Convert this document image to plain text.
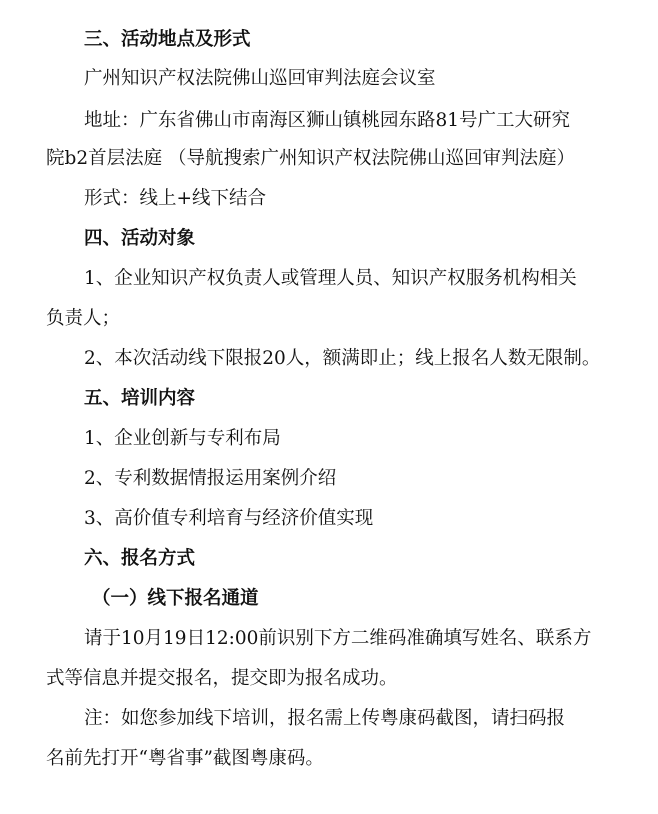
三、活动地点及形式
广州知识产权法院佛山巡回审判法庭会议室
地址：广东省佛山市南海区狮山镇桃园东路81号广工大研究
院b2首层法庭 （导航搜索广州知识产权法院佛山巡回审判法庭）
形式：线上+线下结合
四、活动对象
1、企业知识产权负责人或管理人员、知识产权服务机构相关
负责人；
2、本次活动线下限报20人，额满即止；线上报名人数无限制。
五、培训内容
1、企业创新与专利布局
2、专利数据情报运用案例介绍
3、高价值专利培育与经济价值实现
六、报名方式
（一）线下报名通道
请于10月19日12:00前识别下方二维码准确填写姓名、联系方
式等信息并提交报名，提交即为报名成功。
注：如您参加线下培训，报名需上传粤康码截图，请扫码报
名前先打开“粤省事”截图粤康码。
